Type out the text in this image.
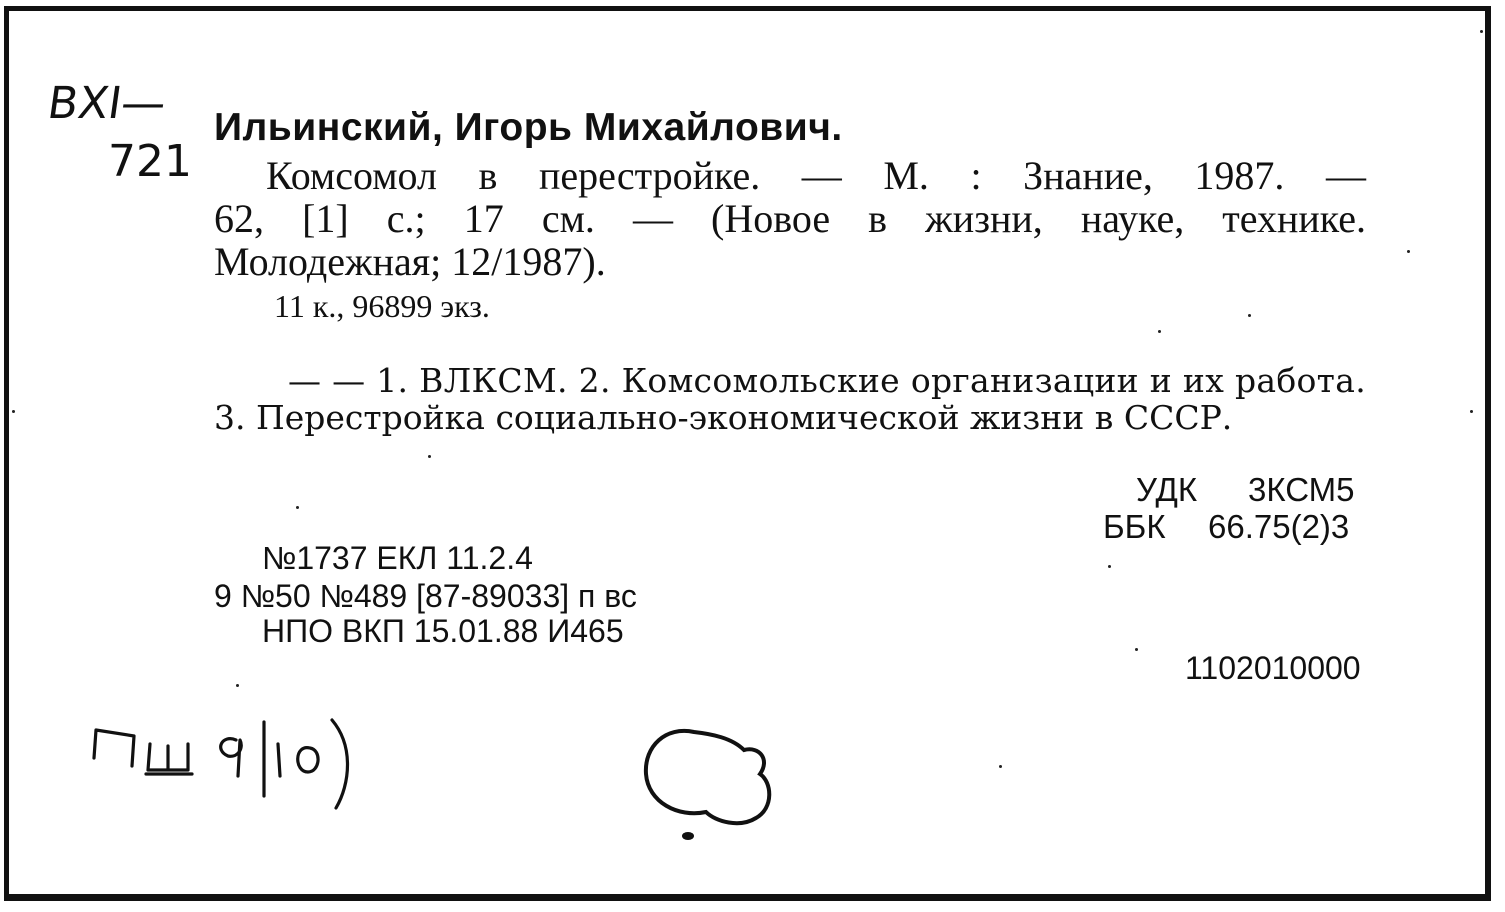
BXI—
721
Ильинский, Игорь Михайлович.
Комсомол в перестройке. — М. : Знание, 1987. —
62, [1] с.; 17 см. — (Новое в жизни, науке, технике.
Молодежная; 12/1987).
11 к., 96899 экз.
— — 1. ВЛКСМ. 2. Комсомольские организации и их работа.
3. Перестройка социально-экономической жизни в СССР.
УДК 3КСМ5
ББК 66.75(2)3
№1737 ЕКЛ 11.2.4
9 №50 №489 [87-89033] п вс
НПО ВКП 15.01.88 И465
1102010000
